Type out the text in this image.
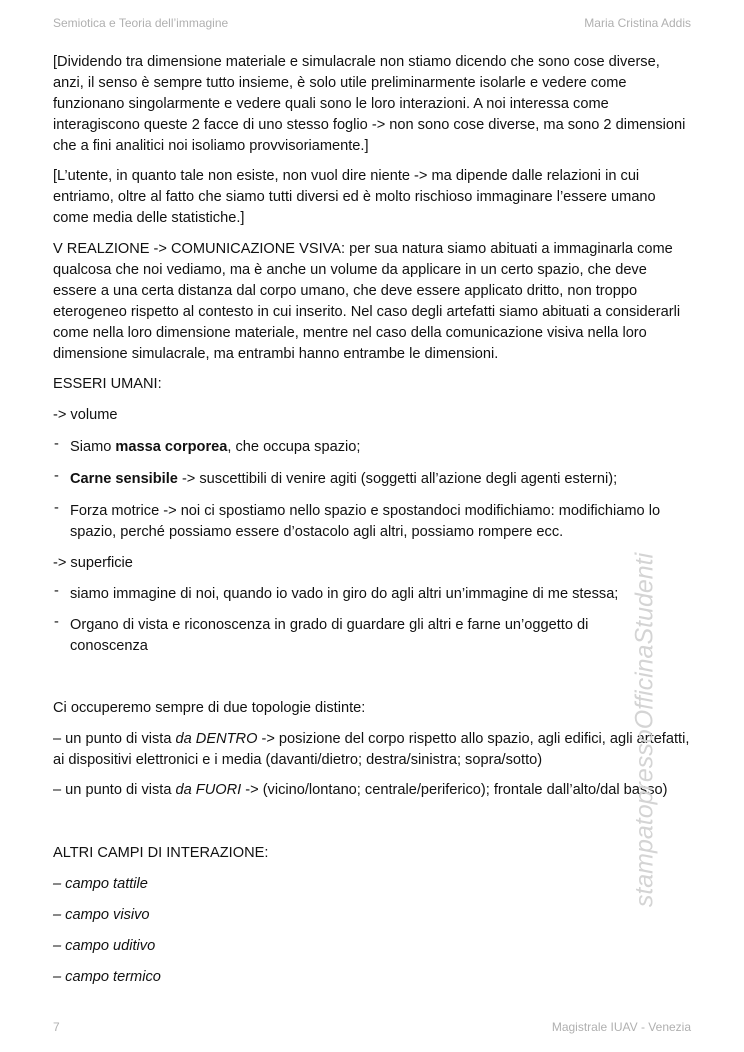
Semiotica e Teoria dell’immagine	Maria Cristina Addis
[Dividendo tra dimensione materiale e simulacrale non stiamo dicendo che sono cose diverse, anzi, il senso è sempre tutto insieme, è solo utile preliminarmente isolarle e vedere come funzionano singolarmente e vedere quali sono le loro interazioni. A noi interessa come interagiscono queste 2 facce di uno stesso foglio -> non sono cose diverse, ma sono 2 dimensioni che a fini analitici noi isoliamo provvisoriamente.]
[L’utente, in quanto tale non esiste, non vuol dire niente -> ma dipende dalle relazioni in cui entriamo, oltre al fatto che siamo tutti diversi ed è molto rischioso immaginare l’essere umano come media delle statistiche.]
V REALZIONE -> COMUNICAZIONE VSIVA: per sua natura siamo abituati a immaginarla come qualcosa che noi vediamo, ma è anche un volume da applicare in un certo spazio, che deve essere a una certa distanza dal corpo umano, che deve essere applicato dritto, non troppo eterogeneo rispetto al contesto in cui inserito. Nel caso degli artefatti siamo abituati a considerarli come nella loro dimensione materiale, mentre nel caso della comunicazione visiva nella loro dimensione simulacrale, ma entrambi hanno entrambe le dimensioni.
ESSERI UMANI:
-> volume
- Siamo massa corporea, che occupa spazio;
- Carne sensibile -> suscettibili di venire agiti (soggetti all’azione degli agenti esterni);
- Forza motrice -> noi ci spostiamo nello spazio e spostandoci modifichiamo: modifichiamo lo spazio, perché possiamo essere d’ostacolo agli altri, possiamo rompere ecc.
-> superficie
- siamo immagine di noi, quando io vado in giro do agli altri un’immagine di me stessa;
- Organo di vista e riconoscenza in grado di guardare gli altri e farne un’oggetto di conoscenza
Ci occuperemo sempre di due topologie distinte:
– un punto di vista da DENTRO -> posizione del corpo rispetto allo spazio, agli edifici, agli artefatti, ai dispositivi elettronici e i media (davanti/dietro; destra/sinistra; sopra/sotto)
– un punto di vista da FUORI -> (vicino/lontano; centrale/periferico); frontale dall’alto/dal basso)
ALTRI CAMPI DI INTERAZIONE:
– campo tattile
– campo visivo
– campo uditivo
– campo termico
stampatopressoOfficinaStudenti
7	Magistrale IUAV - Venezia
